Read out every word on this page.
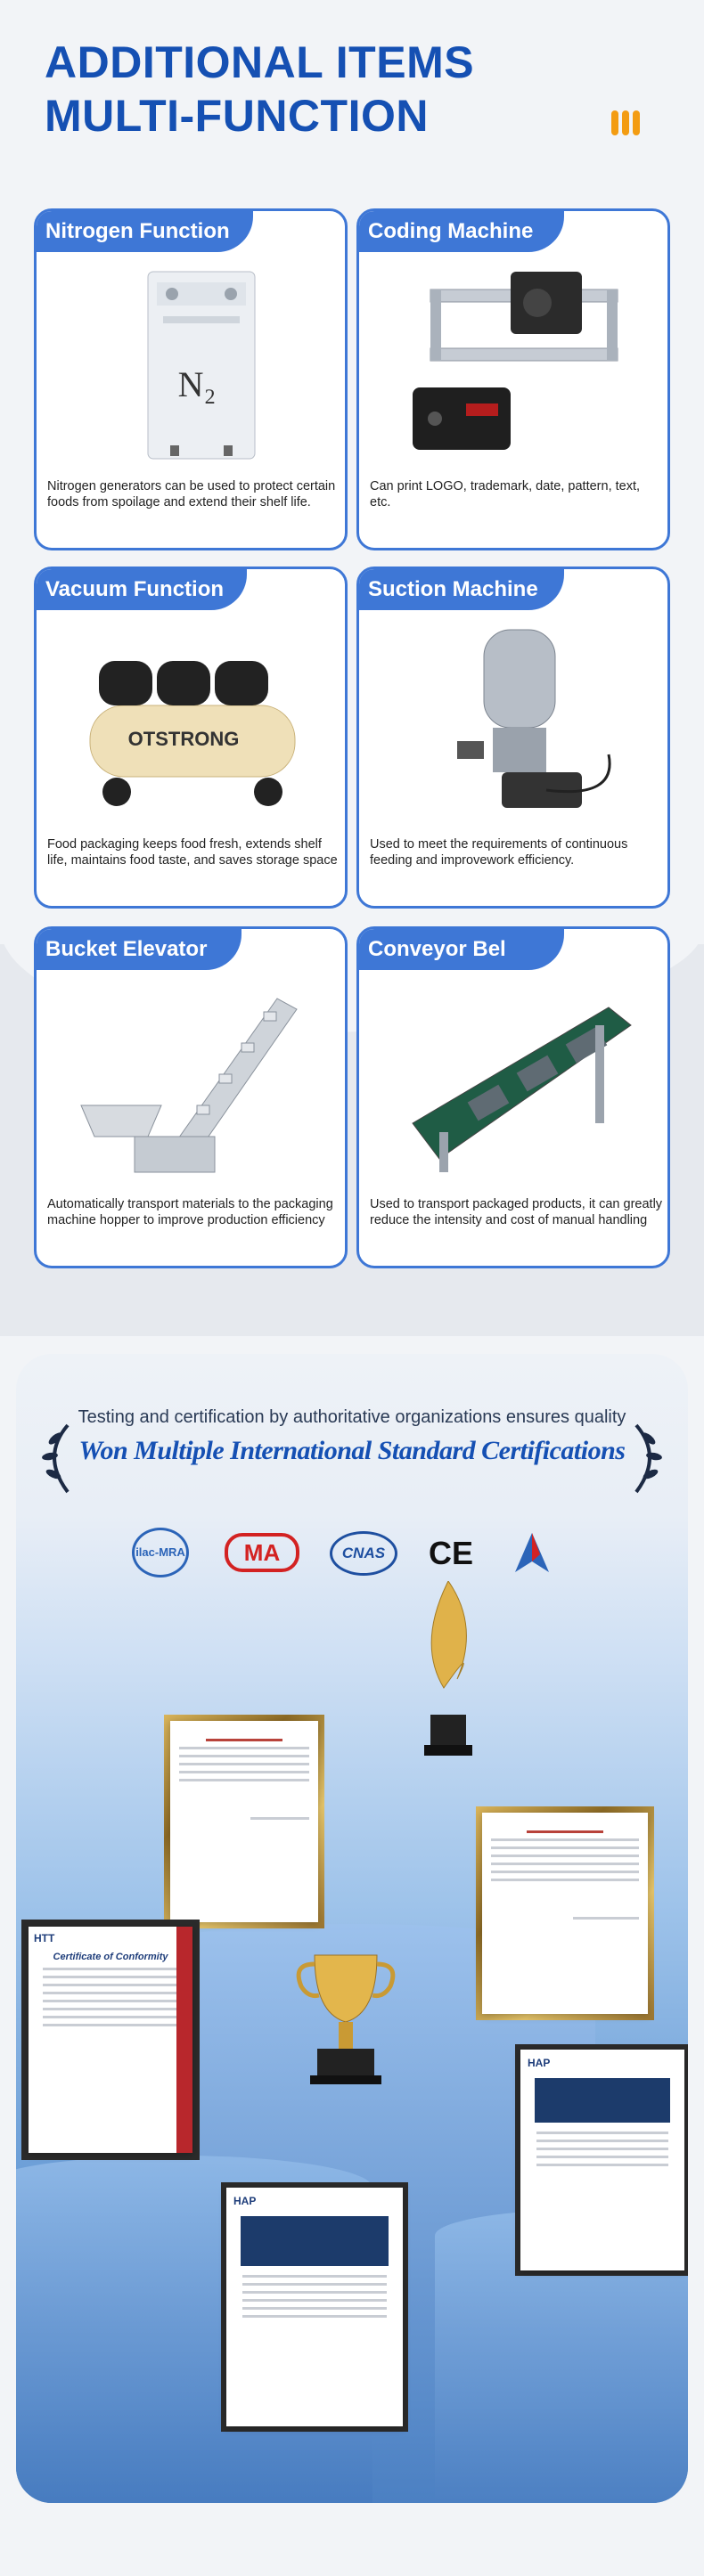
ADDITIONAL ITEMS
MULTI-FUNCTION
Nitrogen Function
N₂
Nitrogen generators can be used to protect certain foods from spoilage and extend their shelf life.
Coding Machine
Can print LOGO, trademark, date, pattern, text, etc.
Vacuum Function
OTSTRONG
Food packaging keeps food fresh, extends shelf life, maintains food taste, and saves storage space
Suction Machine
Used to meet the requirements of continuous feeding and improvework efficiency.
Bucket Elevator
Automatically transport materials to the packaging machine hopper to improve production efficiency
Conveyor Bel
Used to transport packaged products, it can greatly reduce the intensity and cost of manual handling
Testing and certification by authoritative organizations ensures quality
Won Multiple International Standard Certifications
ilac-MRA	MA	CNAS	CE
HTT
Certificate of Conformity
HAP
HAP
